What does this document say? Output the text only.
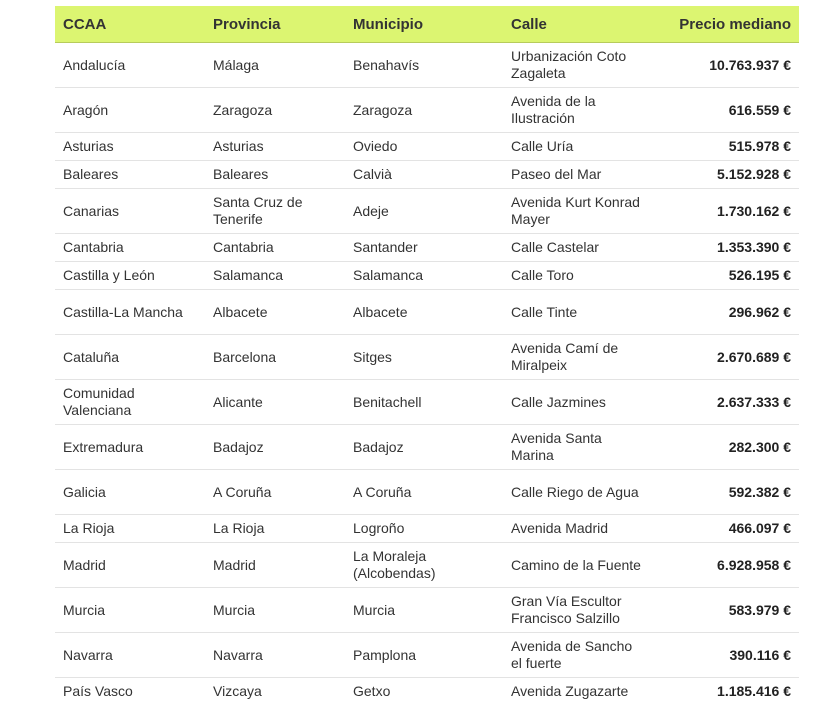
CCAA	Provincia	Municipio	Calle	Precio mediano
Andalucía	Málaga	Benahavís	Urbanización Coto Zagaleta	10.763.937 €
Aragón	Zaragoza	Zaragoza	Avenida de la Ilustración	616.559 €
Asturias	Asturias	Oviedo	Calle Uría	515.978 €
Baleares	Baleares	Calvià	Paseo del Mar	5.152.928 €
Canarias	Santa Cruz de Tenerife	Adeje	Avenida Kurt Konrad Mayer	1.730.162 €
Cantabria	Cantabria	Santander	Calle Castelar	1.353.390 €
Castilla y León	Salamanca	Salamanca	Calle Toro	526.195 €
Castilla-La Mancha	Albacete	Albacete	Calle Tinte	296.962 €
Cataluña	Barcelona	Sitges	Avenida Camí de Miralpeix	2.670.689 €
Comunidad Valenciana	Alicante	Benitachell	Calle Jazmines	2.637.333 €
Extremadura	Badajoz	Badajoz	Avenida Santa Marina	282.300 €
Galicia	A Coruña	A Coruña	Calle Riego de Agua	592.382 €
La Rioja	La Rioja	Logroño	Avenida Madrid	466.097 €
Madrid	Madrid	La Moraleja (Alcobendas)	Camino de la Fuente	6.928.958 €
Murcia	Murcia	Murcia	Gran Vía Escultor Francisco Salzillo	583.979 €
Navarra	Navarra	Pamplona	Avenida de Sancho el fuerte	390.116 €
País Vasco	Vizcaya	Getxo	Avenida Zugazarte	1.185.416 €
